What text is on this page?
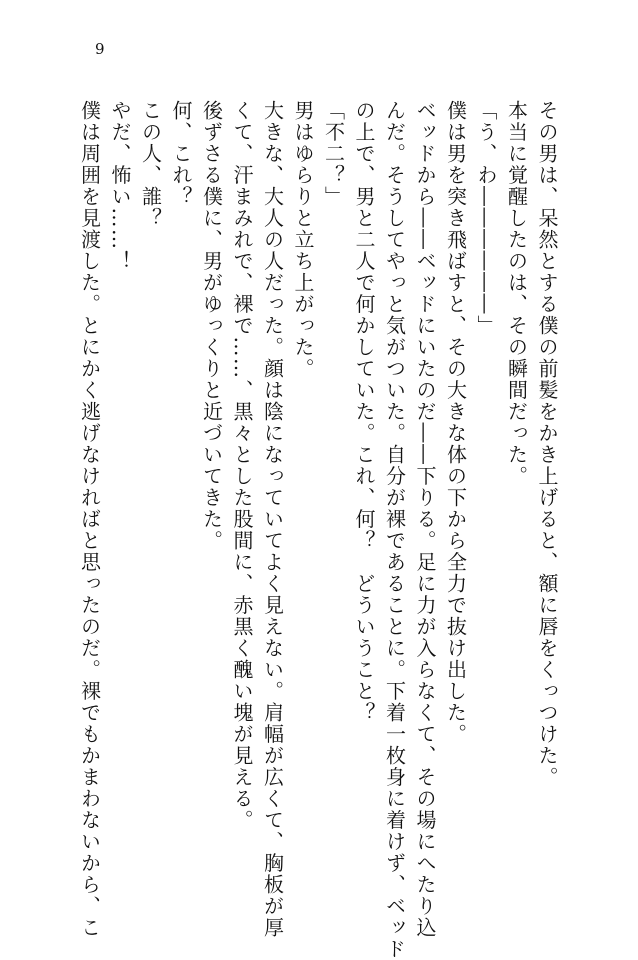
9
その男は、呆然とする僕の前髪をかき上げると、額に唇をくっつけた。
本当に覚醒したのは、その瞬間だった。
「う、わ――――――」
僕は男を突き飛ばすと、その大きな体の下から全力で抜け出した。
ベッドから――ベッドにいたのだ――下りる。足に力が入らなくて、その場にへたり込
んだ。そうしてやっと気がついた。自分が裸であることに。下着一枚身に着けず、ベッド
の上で、男と二人で何かしていた。これ、何？　どういうこと？
「不二？」
男はゆらりと立ち上がった。
大きな、大人の人だった。顔は陰になっていてよく見えない。肩幅が広くて、胸板が厚
くて、汗まみれで、裸で……、黒々とした股間に、赤黒く醜い塊が見える。
後ずさる僕に、男がゆっくりと近づいてきた。
何、これ？
この人、誰？
やだ、怖い……！
僕は周囲を見渡した。とにかく逃げなければと思ったのだ。裸でもかまわないから、こ
